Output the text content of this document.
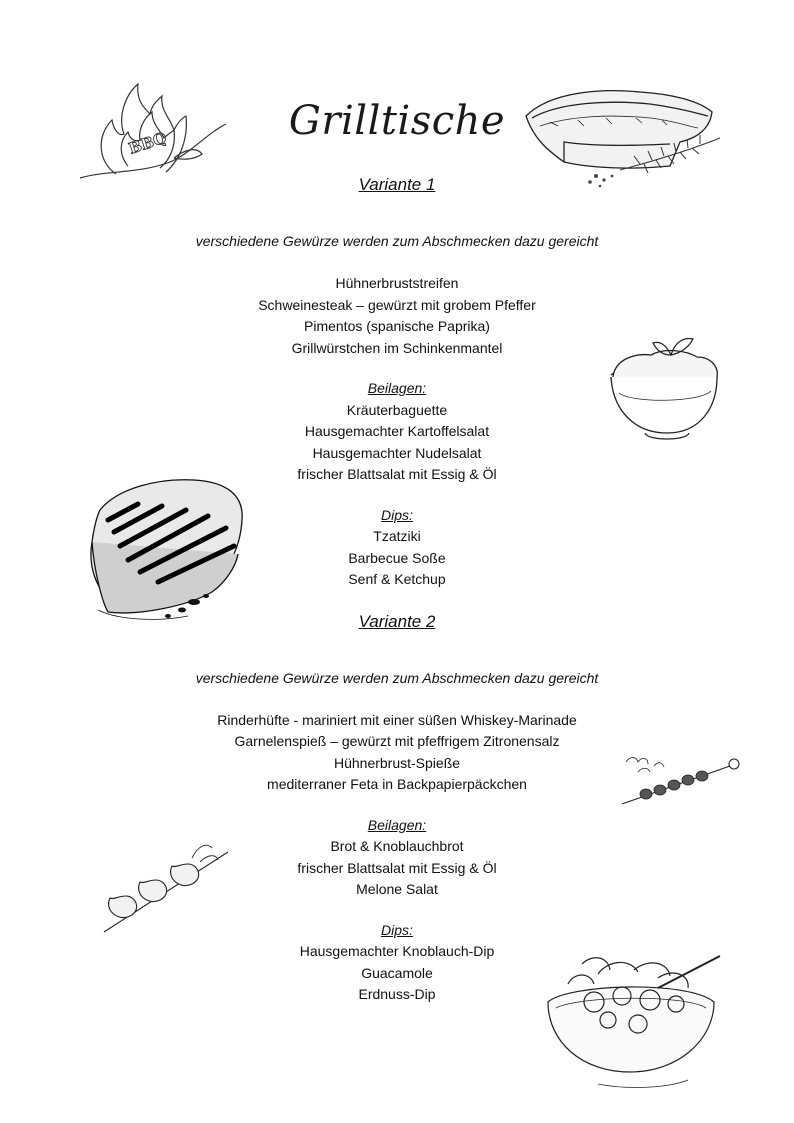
BBQ	Grilltische
Variante 1
verschiedene Gewürze werden zum Abschmecken dazu gereicht
Hühnerbruststreifen
Schweinesteak – gewürzt mit grobem Pfeffer
Pimentos (spanische Paprika)
Grillwürstchen im Schinkenmantel
Beilagen:
Kräuterbaguette
Hausgemachter Kartoffelsalat
Hausgemachter Nudelsalat
frischer Blattsalat mit Essig & Öl
Dips:
Tzatziki
Barbecue Soße
Senf & Ketchup
Variante 2
verschiedene Gewürze werden zum Abschmecken dazu gereicht
Rinderhüfte - mariniert mit einer süßen Whiskey-Marinade
Garnelenspieß – gewürzt mit pfeffrigem Zitronensalz
Hühnerbrust-Spieße
mediterraner Feta in Backpapierpäckchen
Beilagen:
Brot & Knoblauchbrot
frischer Blattsalat mit Essig & Öl
Melone Salat
Dips:
Hausgemachter Knoblauch-Dip
Guacamole
Erdnuss-Dip
